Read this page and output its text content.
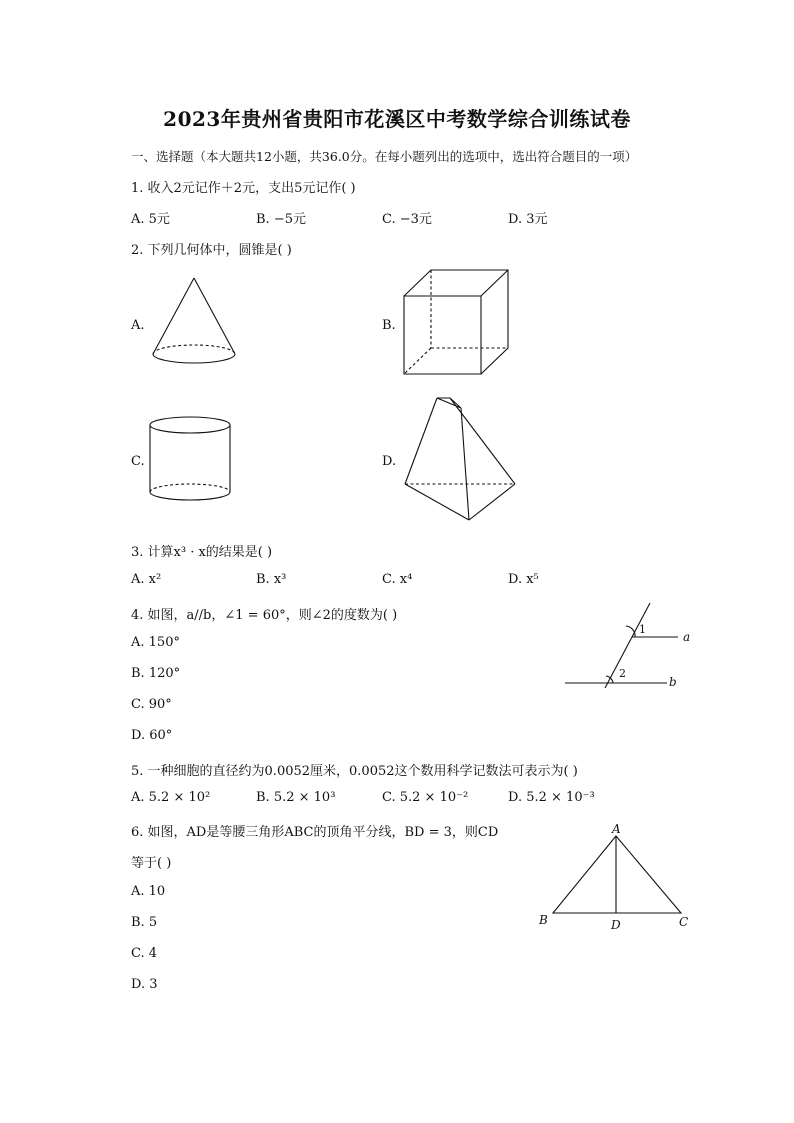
2023年贵州省贵阳市花溪区中考数学综合训练试卷
一、选择题（本大题共12小题，共36.0分。在每小题列出的选项中，选出符合题目的一项）
1. 收入2元记作＋2元，支出5元记作( )
A. 5元	B. −5元	C. −3元	D. 3元
2. 下列几何体中，圆锥是( )
A.	B.
C.	D.
3. 计算x³ · x的结果是( )
A. x²	B. x³	C. x⁴	D. x⁵
4. 如图，a//b，∠1 = 60°，则∠2的度数为( )
A. 150°
B. 120°
C. 90°
D. 60°
1
2
a
b
5. 一种细胞的直径约为0.0052厘米，0.0052这个数用科学记数法可表示为( )
A. 5.2 × 10²	B. 5.2 × 10³	C. 5.2 × 10⁻²	D. 5.2 × 10⁻³
6. 如图，AD是等腰三角形ABC的顶角平分线，BD = 3，则CD
等于( )
A. 10
B. 5
C. 4
D. 3
A
B	D	C
